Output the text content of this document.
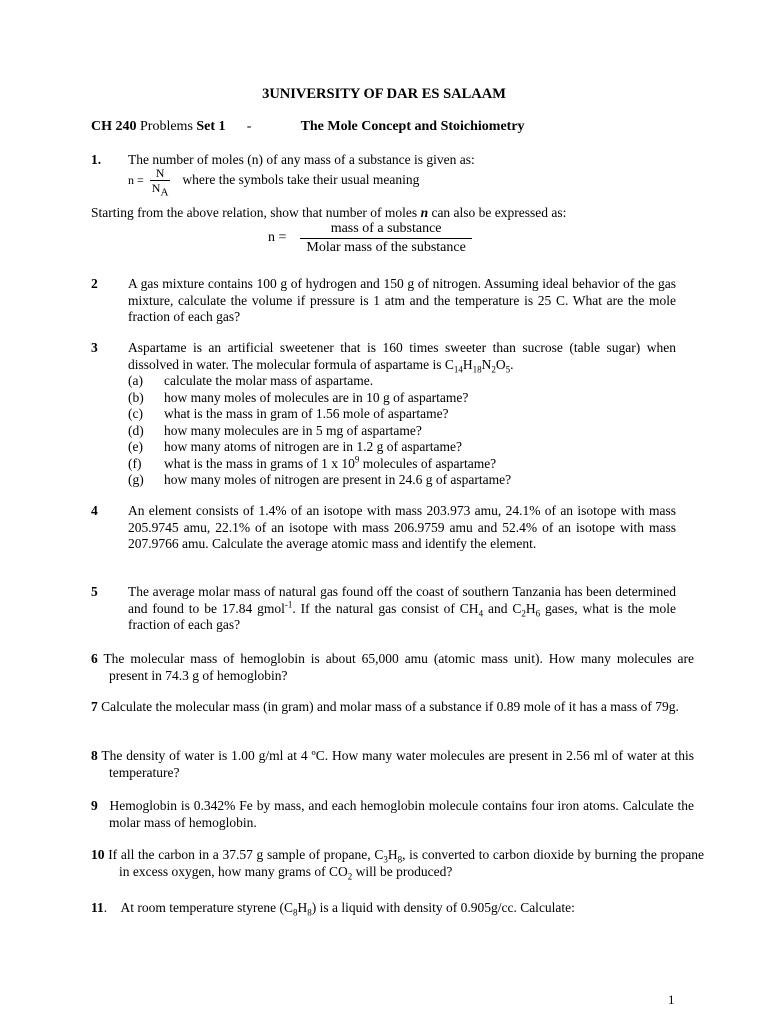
3UNIVERSITY OF DAR ES SALAAM
CH 240 Problems Set 1 -	The Mole Concept and Stoichiometry
1. The number of moles (n) of any mass of a substance is given as:
$n = \frac{N}{N_A}$ where the symbols take their usual meaning
Starting from the above relation, show that number of moles n can also be expressed as:
$n = \frac{\text{mass of a substance}}{\text{Molar mass of the substance}}$
2 A gas mixture contains 100 g of hydrogen and 150 g of nitrogen. Assuming ideal behavior of the gas mixture, calculate the volume if pressure is 1 atm and the temperature is 25 C. What are the mole fraction of each gas?
3 Aspartame is an artificial sweetener that is 160 times sweeter than sucrose (table sugar) when dissolved in water. The molecular formula of aspartame is $C_{14}H_{18}N_2O_5$.
(a)	calculate the molar mass of aspartame.
(b)	how many moles of molecules are in 10 g of aspartame?
(c)	what is the mass in gram of 1.56 mole of aspartame?
(d)	how many molecules are in 5 mg of aspartame?
(e)	how many atoms of nitrogen are in 1.2 g of aspartame?
(f)	what is the mass in grams of 1 x $10^9$ molecules of aspartame?
(g)	how many moles of nitrogen are present in 24.6 g of aspartame?
4 An element consists of 1.4% of an isotope with mass 203.973 amu, 24.1% of an isotope with mass 205.9745 amu, 22.1% of an isotope with mass 206.9759 amu and 52.4% of an isotope with mass 207.9766 amu. Calculate the average atomic mass and identify the element.
5 The average molar mass of natural gas found off the coast of southern Tanzania has been determined and found to be 17.84 gmol$^{-1}$. If the natural gas consist of $CH_4$ and $C_2H_6$ gases, what is the mole fraction of each gas?
6 The molecular mass of hemoglobin is about 65,000 amu (atomic mass unit). How many molecules are present in 74.3 g of hemoglobin?
7 Calculate the molecular mass (in gram) and molar mass of a substance if 0.89 mole of it has a mass of 79g.
8 The density of water is 1.00 g/ml at 4 ºC. How many water molecules are present in 2.56 ml of water at this temperature?
9 Hemoglobin is 0.342% Fe by mass, and each hemoglobin molecule contains four iron atoms. Calculate the molar mass of hemoglobin.
10 If all the carbon in a 37.57 g sample of propane, $C_3H_8$, is converted to carbon dioxide by burning the propane in excess oxygen, how many grams of $CO_2$ will be produced?
11. At room temperature styrene $(C_8H_8)$ is a liquid with density of 0.905g/cc. Calculate:
1
